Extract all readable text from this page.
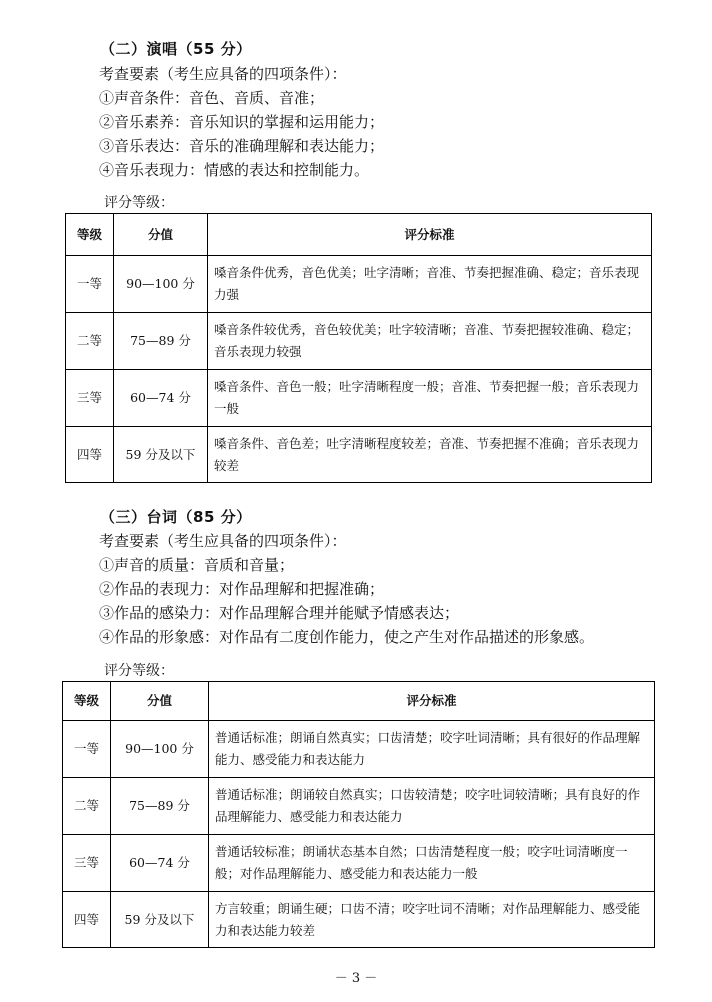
（二）演唱（55 分）
考查要素（考生应具备的四项条件）：
①声音条件：音色、音质、音准；
②音乐素养：音乐知识的掌握和运用能力；
③音乐表达：音乐的准确理解和表达能力；
④音乐表现力：情感的表达和控制能力。
评分等级：
等级	分值	评分标准
一等	90—100 分	嗓音条件优秀，音色优美；吐字清晰；音准、节奏把握准确、稳定；音乐表现力强
二等	75—89 分	嗓音条件较优秀，音色较优美；吐字较清晰；音准、节奏把握较准确、稳定；音乐表现力较强
三等	60—74 分	嗓音条件、音色一般；吐字清晰程度一般；音准、节奏把握一般；音乐表现力一般
四等	59 分及以下	嗓音条件、音色差；吐字清晰程度较差；音准、节奏把握不准确；音乐表现力较差
（三）台词（85 分）
考查要素（考生应具备的四项条件）：
①声音的质量：音质和音量；
②作品的表现力：对作品理解和把握准确；
③作品的感染力：对作品理解合理并能赋予情感表达；
④作品的形象感：对作品有二度创作能力，使之产生对作品描述的形象感。
评分等级：
等级	分值	评分标准
一等	90—100 分	普通话标准；朗诵自然真实；口齿清楚；咬字吐词清晰；具有很好的作品理解能力、感受能力和表达能力
二等	75—89 分	普通话标准；朗诵较自然真实；口齿较清楚；咬字吐词较清晰；具有良好的作品理解能力、感受能力和表达能力
三等	60—74 分	普通话较标准；朗诵状态基本自然；口齿清楚程度一般；咬字吐词清晰度一般；对作品理解能力、感受能力和表达能力一般
四等	59 分及以下	方言较重；朗诵生硬；口齿不清；咬字吐词不清晰；对作品理解能力、感受能力和表达能力较差
－ 3 －
